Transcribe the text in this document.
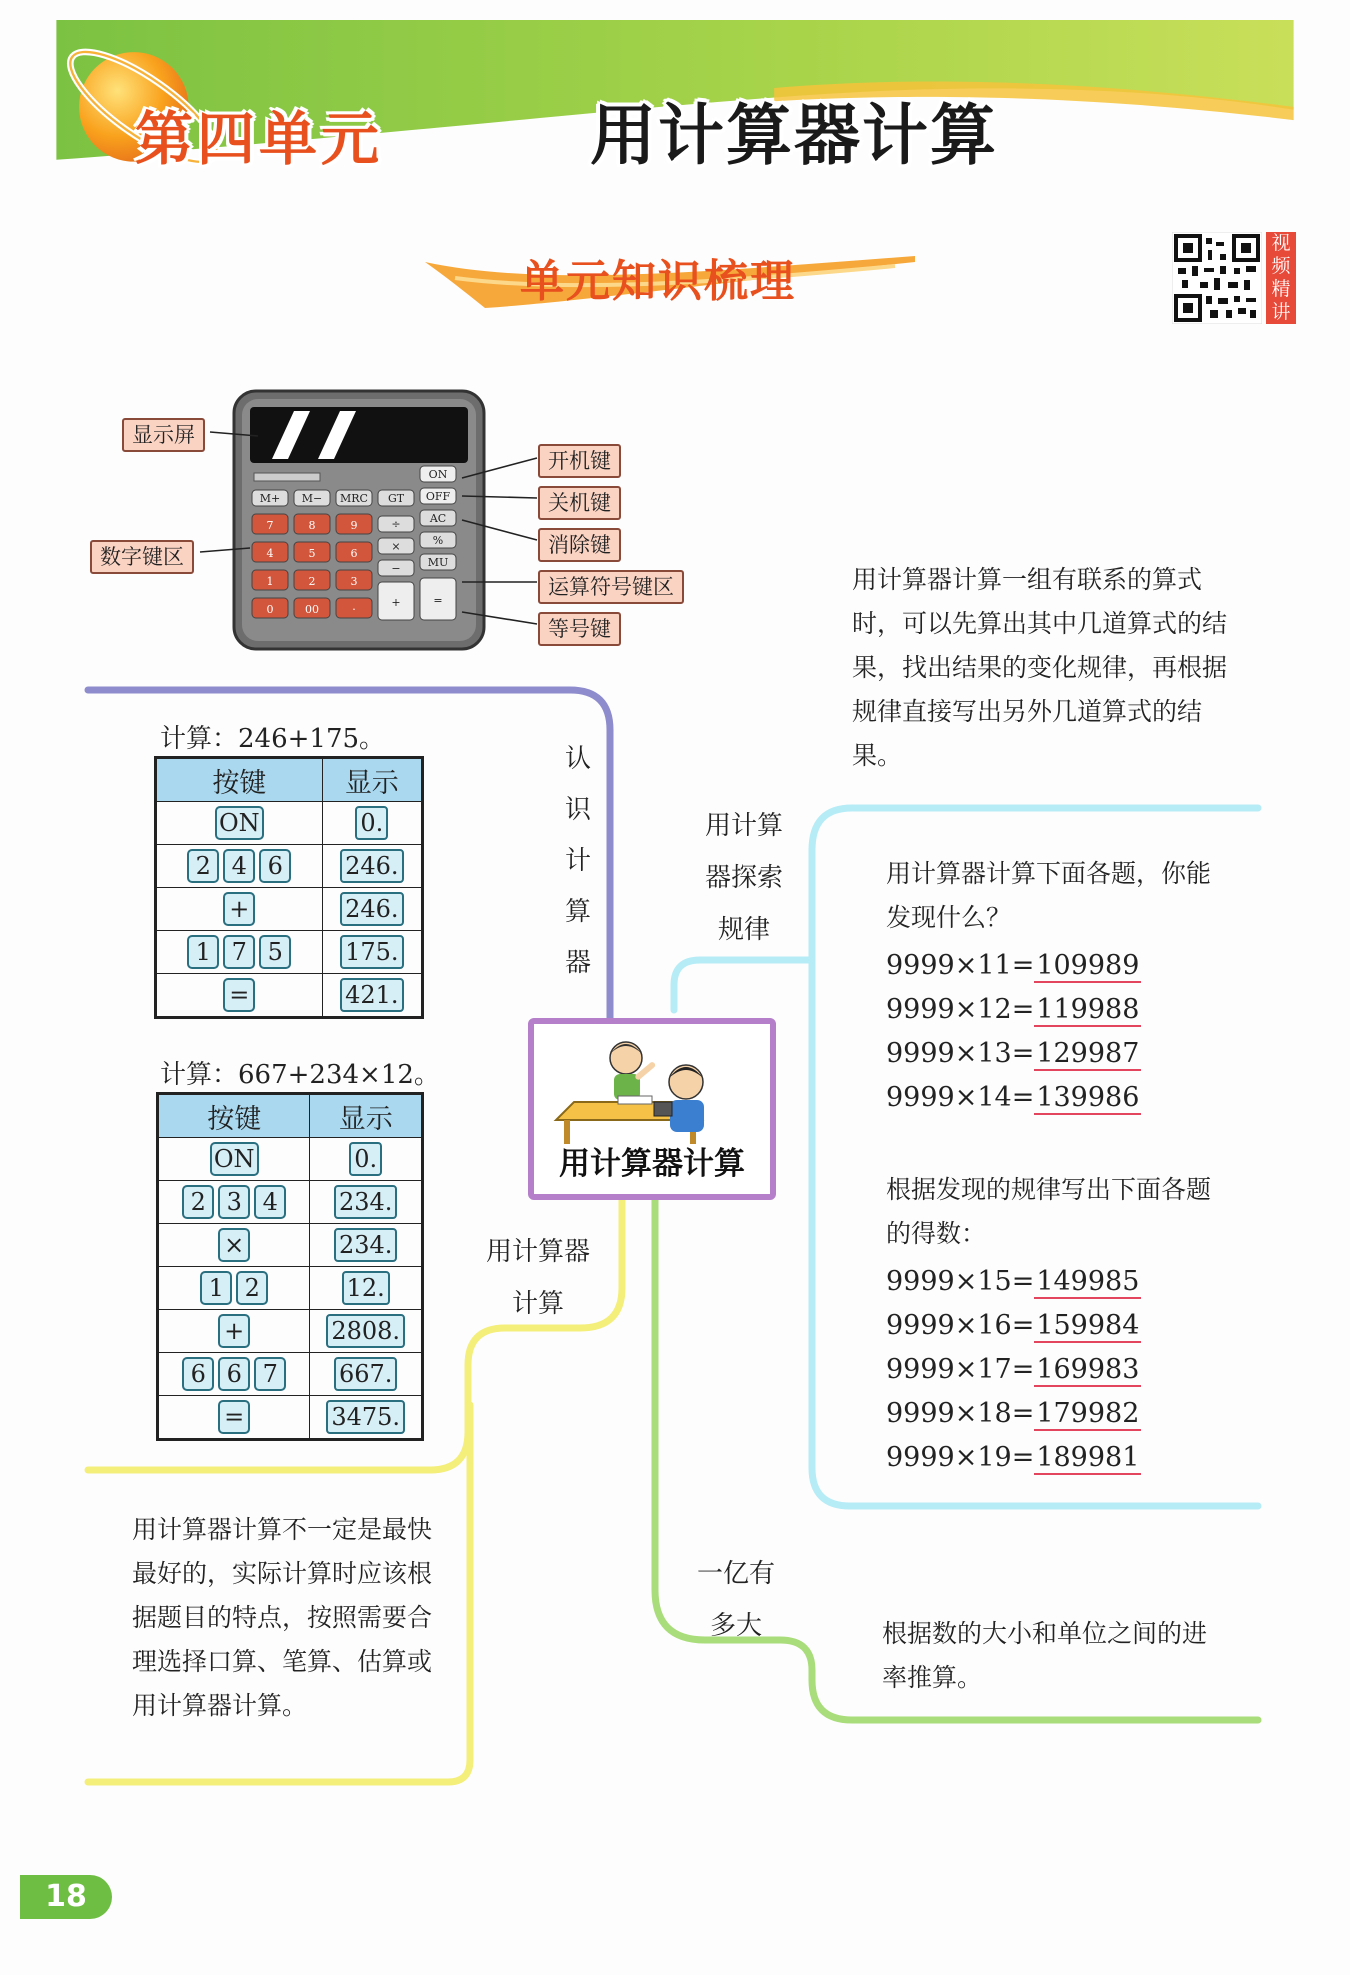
第四单元	用计算器计算
单元知识梳理
视频精讲
M+ M− MRC GT
7	8	9
4	5	6
1	2	3
0	00	·
÷
×
−
+
ON
OFF
AC
%
MU
=
显示屏
数字键区
开机键
关机键
消除键
运算符号键区
等号键
认识计算器
用计算器计算
用计算器探索规律
一亿有多大
计算：246+175。
按键	显示
ON	0.
2 4 6	246.
+	246.
1 7 5	175.
=	421.
计算：667+234×12。
按键	显示
ON	0.
2 3 4	234.
×	234.
1 2	12.
+	2808.
6 6 7	667.
=	3475.
用计算器计算
用计算器计算一组有联系的算式时，可以先算出其中几道算式的结果，找出结果的变化规律，再根据规律直接写出另外几道算式的结果。
用计算器计算下面各题，你能发现什么？
9999×11=109989
9999×12=119988
9999×13=129987
9999×14=139986
根据发现的规律写出下面各题的得数：
9999×15=149985
9999×16=159984
9999×17=169983
9999×18=179982
9999×19=189981
用计算器计算不一定是最快最好的，实际计算时应该根据题目的特点，按照需要合理选择口算、笔算、估算或用计算器计算。
根据数的大小和单位之间的进率推算。
18
